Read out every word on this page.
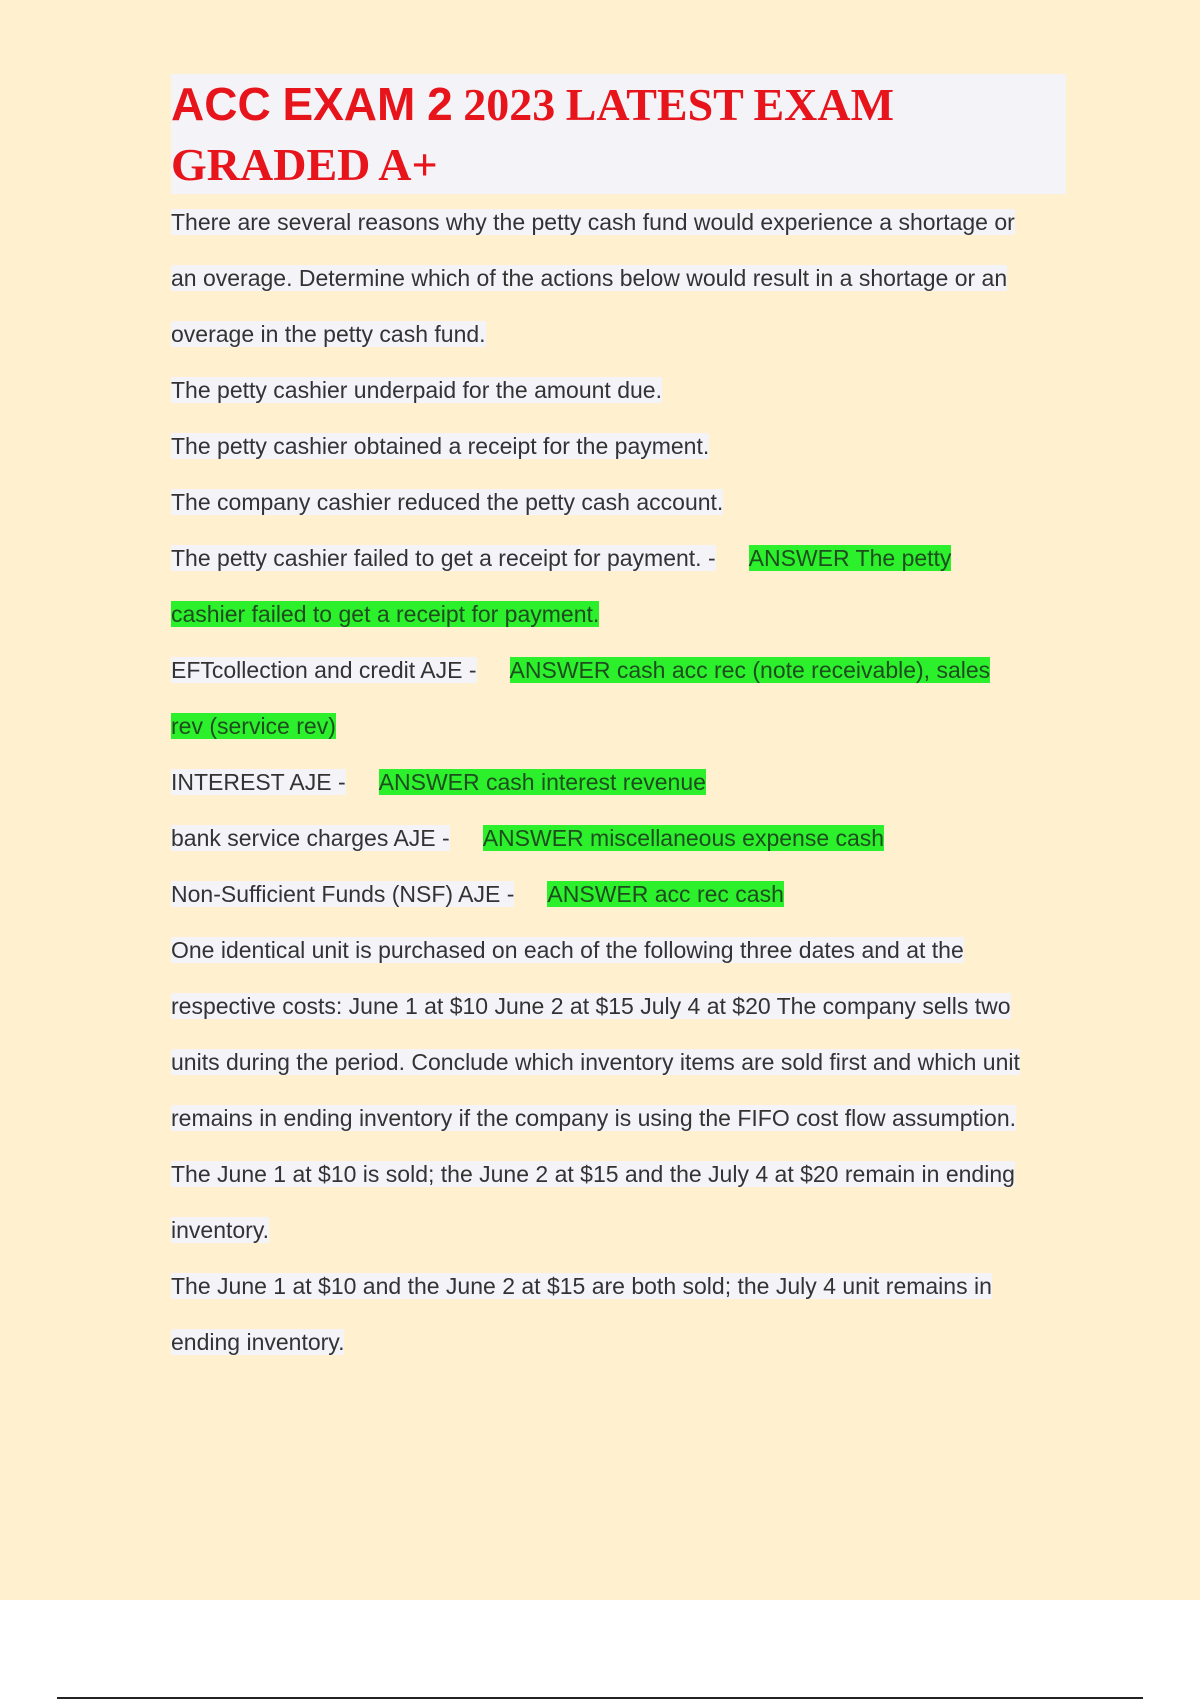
ACC EXAM 2 2023 LATEST EXAM
GRADED A+

There are several reasons why the petty cash fund would experience a shortage or

an overage. Determine which of the actions below would result in a shortage or an

overage in the petty cash fund.

The petty cashier underpaid for the amount due.

The petty cashier obtained a receipt for the payment.

The company cashier reduced the petty cash account.

The petty cashier failed to get a receipt for payment. - ANSWER The petty

cashier failed to get a receipt for payment.

EFTcollection and credit AJE - ANSWER cash acc rec (note receivable), sales

rev (service rev)

INTEREST AJE - ANSWER cash interest revenue

bank service charges AJE - ANSWER miscellaneous expense cash

Non-Sufficient Funds (NSF) AJE - ANSWER acc rec cash

One identical unit is purchased on each of the following three dates and at the

respective costs: June 1 at $10 June 2 at $15 July 4 at $20 The company sells two

units during the period. Conclude which inventory items are sold first and which unit

remains in ending inventory if the company is using the FIFO cost flow assumption.

The June 1 at $10 is sold; the June 2 at $15 and the July 4 at $20 remain in ending

inventory.

The June 1 at $10 and the June 2 at $15 are both sold; the July 4 unit remains in

ending inventory.
